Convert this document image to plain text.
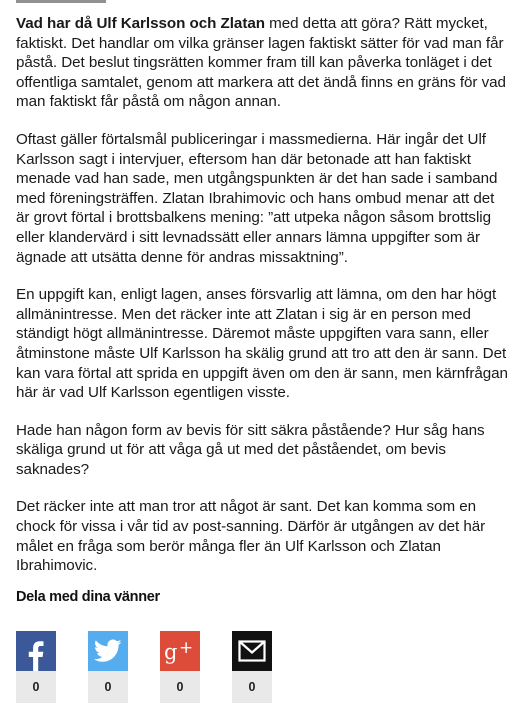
Vad har då Ulf Karlsson och Zlatan med detta att göra? Rätt mycket, faktiskt. Det handlar om vilka gränser lagen faktiskt sätter för vad man får påstå. Det beslut tingsrätten kommer fram till kan påverka tonläget i det offentliga samtalet, genom att markera att det ändå finns en gräns för vad man faktiskt får påstå om någon annan.

Oftast gäller förtalsmål publiceringar i massmedierna. Här ingår det Ulf Karlsson sagt i intervjuer, eftersom han där betonade att han faktiskt menade vad han sade, men utgångspunkten är det han sade i samband med föreningsträffen. Zlatan Ibrahimovic och hans ombud menar att det är grovt förtal i brottsbalkens mening: ”att utpeka någon såsom brottslig eller klandervärd i sitt levnadssätt eller annars lämna uppgifter som är ägnade att utsätta denne för andras missaktning”.

En uppgift kan, enligt lagen, anses försvarlig att lämna, om den har högt allmänintresse. Men det räcker inte att Zlatan i sig är en person med ständigt högt allmänintresse. Däremot måste uppgiften vara sann, eller åtminstone måste Ulf Karlsson ha skälig grund att tro att den är sann. Det kan vara förtal att sprida en uppgift även om den är sann, men kärnfrågan här är vad Ulf Karlsson egentligen visste.

Hade han någon form av bevis för sitt säkra påstående? Hur såg hans skäliga grund ut för att våga gå ut med det påståendet, om bevis saknades?

Det räcker inte att man tror att något är sant. Det kan komma som en chock för vissa i vår tid av post-sanning. Därför är utgången av det här målet en fråga som berör många fler än Ulf Karlsson och Zlatan Ibrahimovic.

Dela med dina vänner
0	0
g +
0	0
